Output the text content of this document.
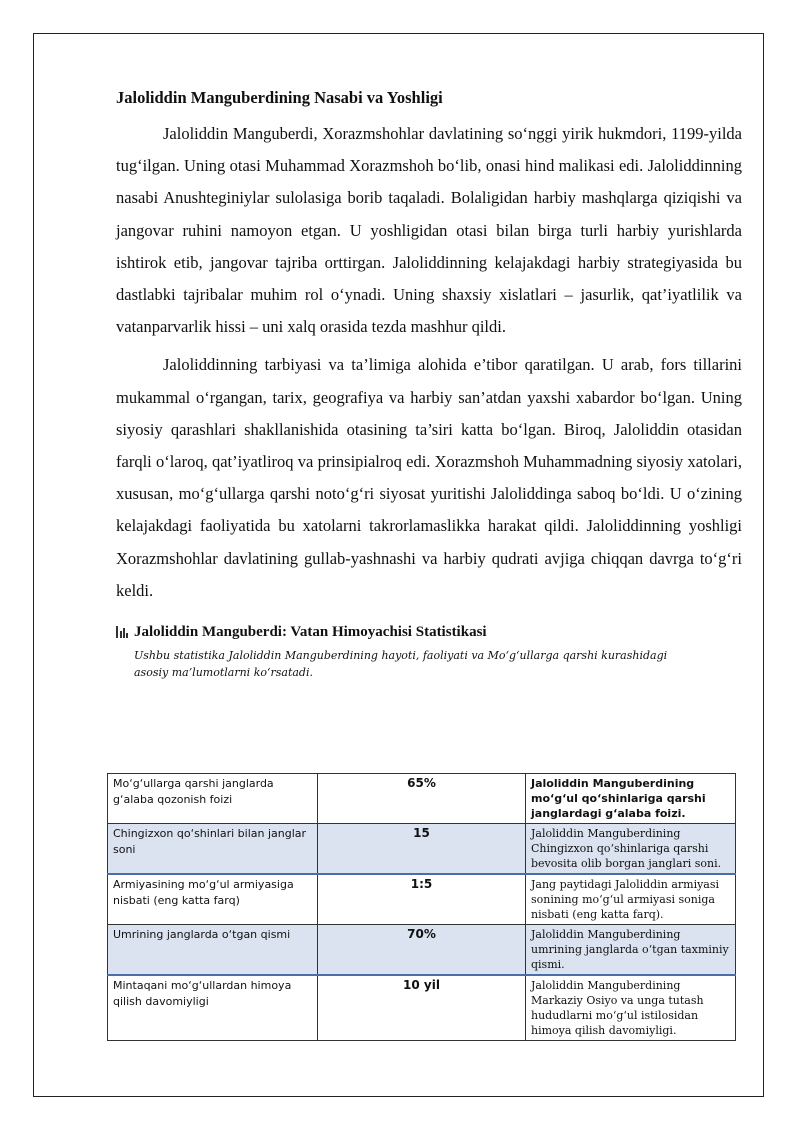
Jaloliddin Manguberdining Nasabi va Yoshligi

Jaloliddin Manguberdi, Xorazmshohlar davlatining so‘nggi yirik hukmdori, 1199-yilda tug‘ilgan. Uning otasi Muhammad Xorazmshoh bo‘lib, onasi hind malikasi edi. Jaloliddinning nasabi Anushteginiylar sulolasiga borib taqaladi. Bolaligidan harbiy mashqlarga qiziqishi va jangovar ruhini namoyon etgan. U yoshligidan otasi bilan birga turli harbiy yurishlarda ishtirok etib, jangovar tajriba orttirgan. Jaloliddinning kelajakdagi harbiy strategiyasida bu dastlabki tajribalar muhim rol o‘ynadi. Uning shaxsiy xislatlari – jasurlik, qat’iyatlilik va vatanparvarlik hissi – uni xalq orasida tezda mashhur qildi.

Jaloliddinning tarbiyasi va ta’limiga alohida e’tibor qaratilgan. U arab, fors tillarini mukammal o‘rgangan, tarix, geografiya va harbiy san’atdan yaxshi xabardor bo‘lgan. Uning siyosiy qarashlari shakllanishida otasining ta’siri katta bo‘lgan. Biroq, Jaloliddin otasidan farqli o‘laroq, qat’iyatliroq va prinsipialroq edi. Xorazmshoh Muhammadning siyosiy xatolari, xususan, mo‘g‘ullarga qarshi noto‘g‘ri siyosat yuritishi Jaloliddinga saboq bo‘ldi. U o‘zining kelajakdagi faoliyatida bu xatolarni takrorlamaslikka harakat qildi. Jaloliddinning yoshligi Xorazmshohlar davlatining gullab-yashnashi va harbiy qudrati avjiga chiqqan davrga to‘g‘ri keldi.

Jaloliddin Manguberdi: Vatan Himoyachisi Statistikasi
Ushbu statistika Jaloliddin Manguberdining hayoti, faoliyati va Mo‘g‘ullarga qarshi kurashidagi asosiy ma’lumotlarni ko‘rsatadi.
Mo‘g‘ullarga qarshi janglarda g‘alaba qozonish foizi	65%	Jaloliddin Manguberdining mo‘g‘ul qo‘shinlariga qarshi janglardagi g‘alaba foizi.
Chingizxon qo‘shinlari bilan janglar soni	15	Jaloliddin Manguberdining Chingizxon qo‘shinlariga qarshi bevosita olib borgan janglari soni.
Armiyasining mo‘g‘ul armiyasiga nisbati (eng katta farq)	1:5	Jang paytidagi Jaloliddin armiyasi sonining mo‘g‘ul armiyasi soniga nisbati (eng katta farq).
Umrining janglarda o‘tgan qismi	70%	Jaloliddin Manguberdining umrining janglarda o‘tgan taxminiy qismi.
Mintaqani mo‘g‘ullardan himoya qilish davomiyligi	10 yil	Jaloliddin Manguberdining Markaziy Osiyo va unga tutash hududlarni mo‘g‘ul istilosidan himoya qilish davomiyligi.
